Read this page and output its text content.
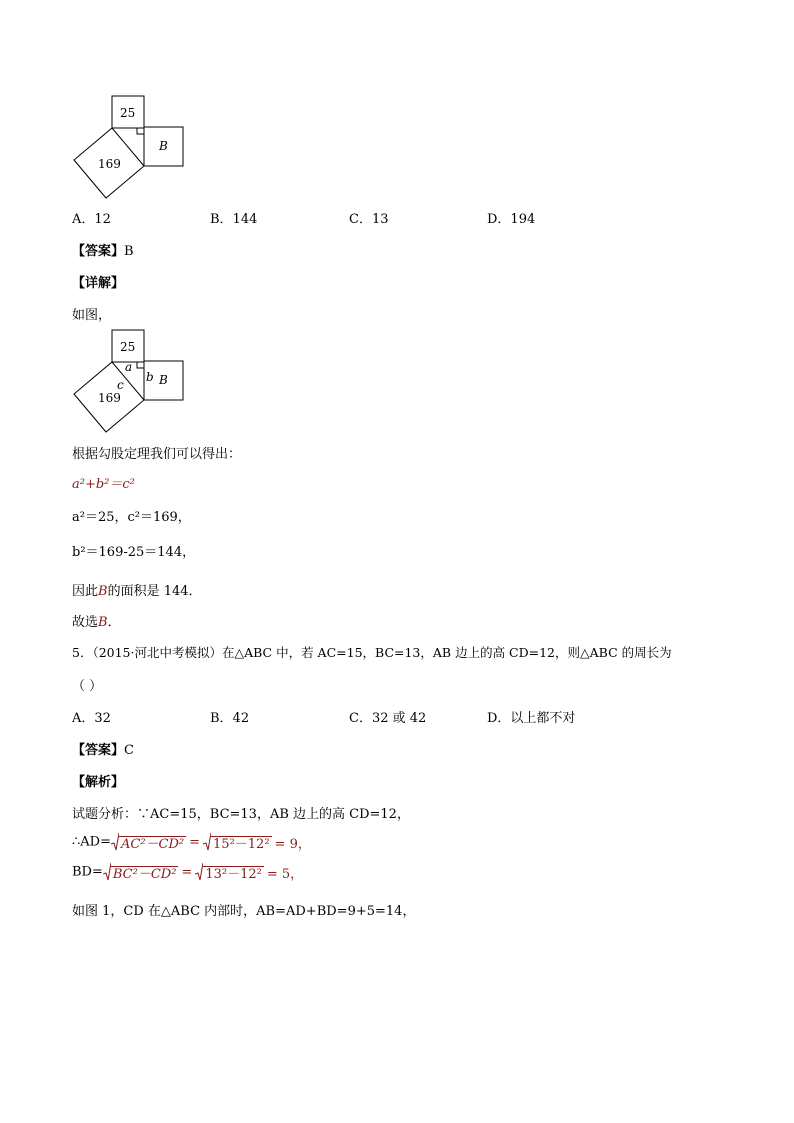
25
169
B
A．12	B．144	C．13	D．194
【答案】B
【详解】
如图，
25
169
B
a
b
c
根据勾股定理我们可以得出：
a²+b²＝c²
a²＝25，c²＝169，
b²＝169-25＝144，
因此B的面积是 144．
故选B．
5．（2015·河北中考模拟）在△ABC 中，若 AC=15，BC=13，AB 边上的高 CD=12，则△ABC 的周长为
（ ）
A．32	B．42	C．32 或 42	D．以上都不对
【答案】C
【解析】
试题分析：∵AC=15，BC=13，AB 边上的高 CD=12，
∴AD= AC²－CD² = 15²－12² = 9，
BD= BC²－CD² = 13²－12² = 5，
如图 1，CD 在△ABC 内部时，AB=AD+BD=9+5=14，
